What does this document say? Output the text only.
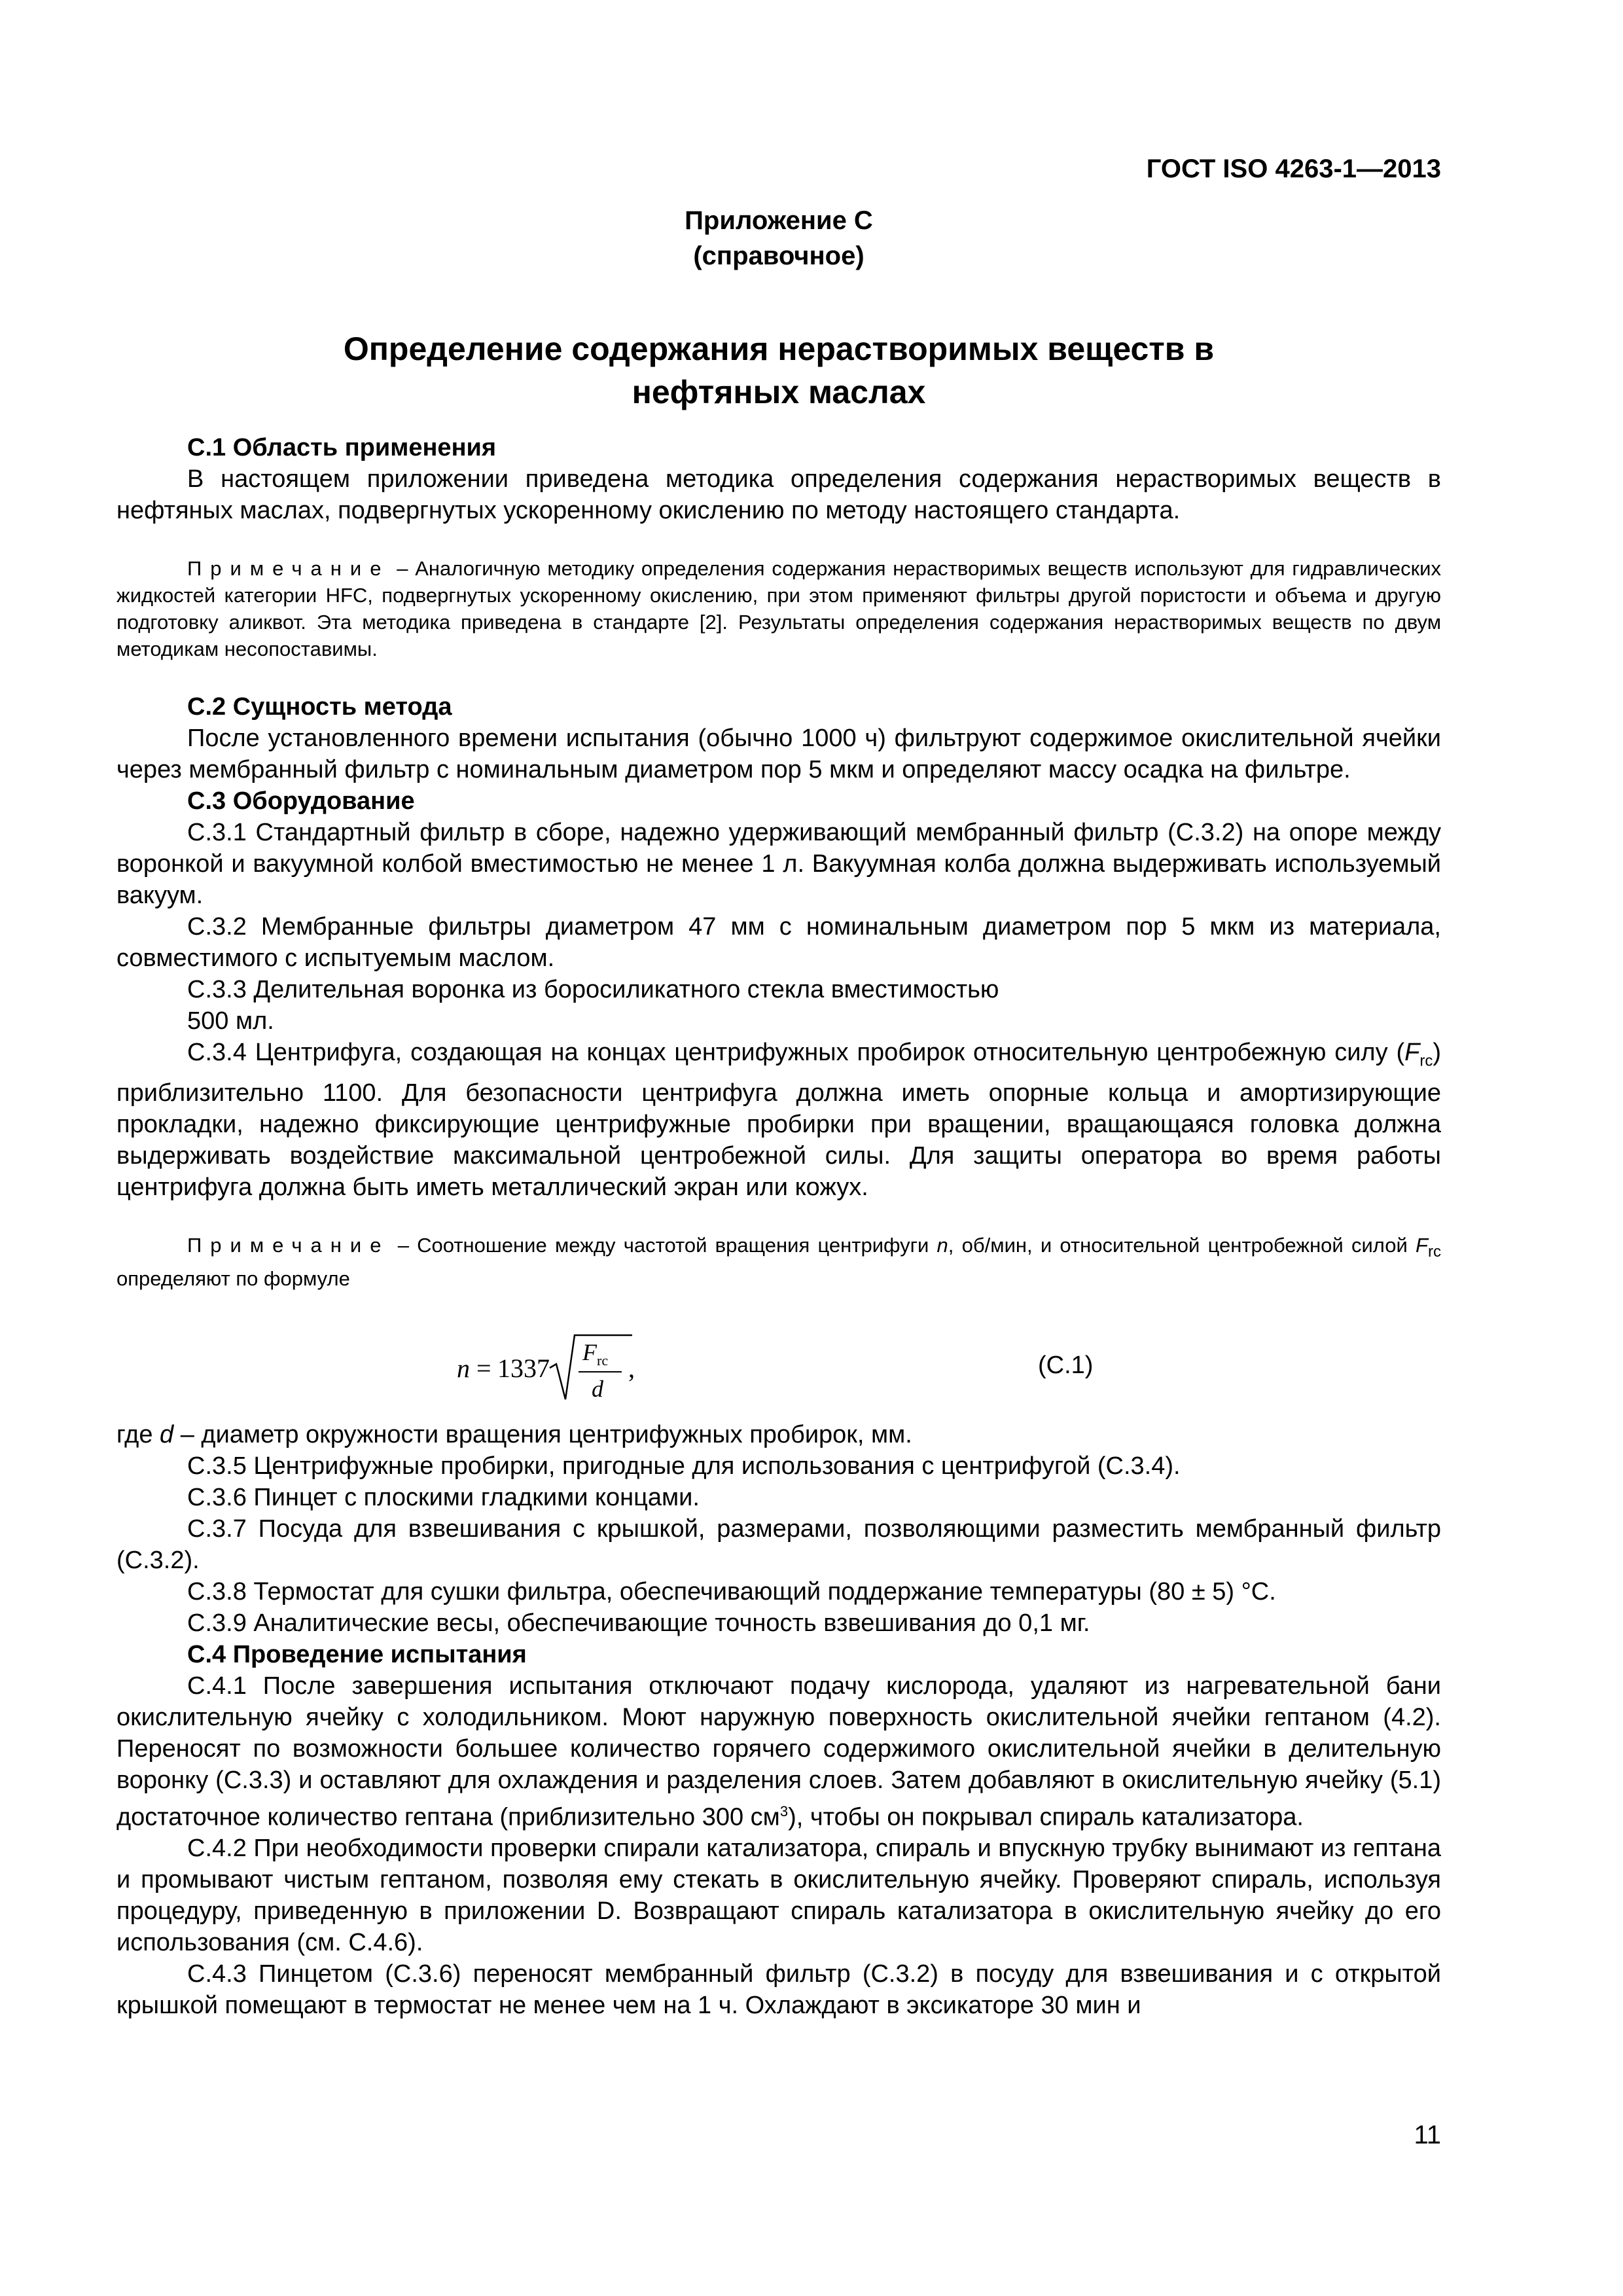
ГОСТ ISO 4263-1—2013
Приложение С
(справочное)
Определение содержания нерастворимых веществ в
нефтяных маслах

С.1 Область применения

В настоящем приложении приведена методика определения содержания нерастворимых веществ в нефтяных маслах, подвергнутых ускоренному окислению по методу настоящего стандарта.

Примечание – Аналогичную методику определения содержания нерастворимых веществ используют для гидравлических жидкостей категории HFC, подвергнутых ускоренному окислению, при этом применяют фильтры другой пористости и объема и другую подготовку аликвот. Эта методика приведена в стандарте [2]. Результаты определения содержания нерастворимых веществ по двум методикам несопоставимы.

С.2 Сущность метода

После установленного времени испытания (обычно 1000 ч) фильтруют содержимое окислительной ячейки через мембранный фильтр с номинальным диаметром пор 5 мкм и определяют массу осадка на фильтре.

С.3 Оборудование

С.3.1 Стандартный фильтр в сборе, надежно удерживающий мембранный фильтр (С.3.2) на опоре между воронкой и вакуумной колбой вместимостью не менее 1 л. Вакуумная колба должна выдерживать используемый вакуум.

С.3.2 Мембранные фильтры диаметром 47 мм с номинальным диаметром пор 5 мкм из материала, совместимого с испытуемым маслом.

С.3.3 Делительная воронка из боросиликатного стекла вместимостью

500 мл.

С.3.4 Центрифуга, создающая на концах центрифужных пробирок относительную центробежную силу $(F_{rc})$ приблизительно 1100. Для безопасности центрифуга должна иметь опорные кольца и амортизирующие прокладки, надежно фиксирующие центрифужные пробирки при вращении, вращающаяся головка должна выдерживать воздействие максимальной центробежной силы. Для защиты оператора во время работы центрифуга должна быть иметь металлический экран или кожух.

Примечание – Соотношение между частотой вращения центрифуги n, об/мин, и относительной центробежной силой $F_{rc}$ определяют по формуле

n = 1337
F rc
d
,	(С.1)

где d – диаметр окружности вращения центрифужных пробирок, мм.

С.3.5 Центрифужные пробирки, пригодные для использования с центрифугой (С.3.4).

С.3.6 Пинцет с плоскими гладкими концами.

С.3.7 Посуда для взвешивания с крышкой, размерами, позволяющими разместить мембранный фильтр (С.3.2).

С.3.8 Термостат для сушки фильтра, обеспечивающий поддержание температуры (80 ± 5) °С.

С.3.9 Аналитические весы, обеспечивающие точность взвешивания до 0,1 мг.

С.4 Проведение испытания

С.4.1 После завершения испытания отключают подачу кислорода, удаляют из нагревательной бани окислительную ячейку с холодильником. Моют наружную поверхность окислительной ячейки гептаном (4.2). Переносят по возможности большее количество горячего содержимого окислительной ячейки в делительную воронку (С.3.3) и оставляют для охлаждения и разделения слоев. Затем добавляют в окислительную ячейку (5.1) достаточное количество гептана (приблизительно 300 $см^3$), чтобы он покрывал спираль катализатора.

С.4.2 При необходимости проверки спирали катализатора, спираль и впускную трубку вынимают из гептана и промывают чистым гептаном, позволяя ему стекать в окислительную ячейку. Проверяют спираль, используя процедуру, приведенную в приложении D. Возвращают спираль катализатора в окислительную ячейку до его использования (см. С.4.6).

С.4.3 Пинцетом (С.3.6) переносят мембранный фильтр (С.3.2) в посуду для взвешивания и с открытой крышкой помещают в термостат не менее чем на 1 ч. Охлаждают в эксикаторе 30 мин и

11
